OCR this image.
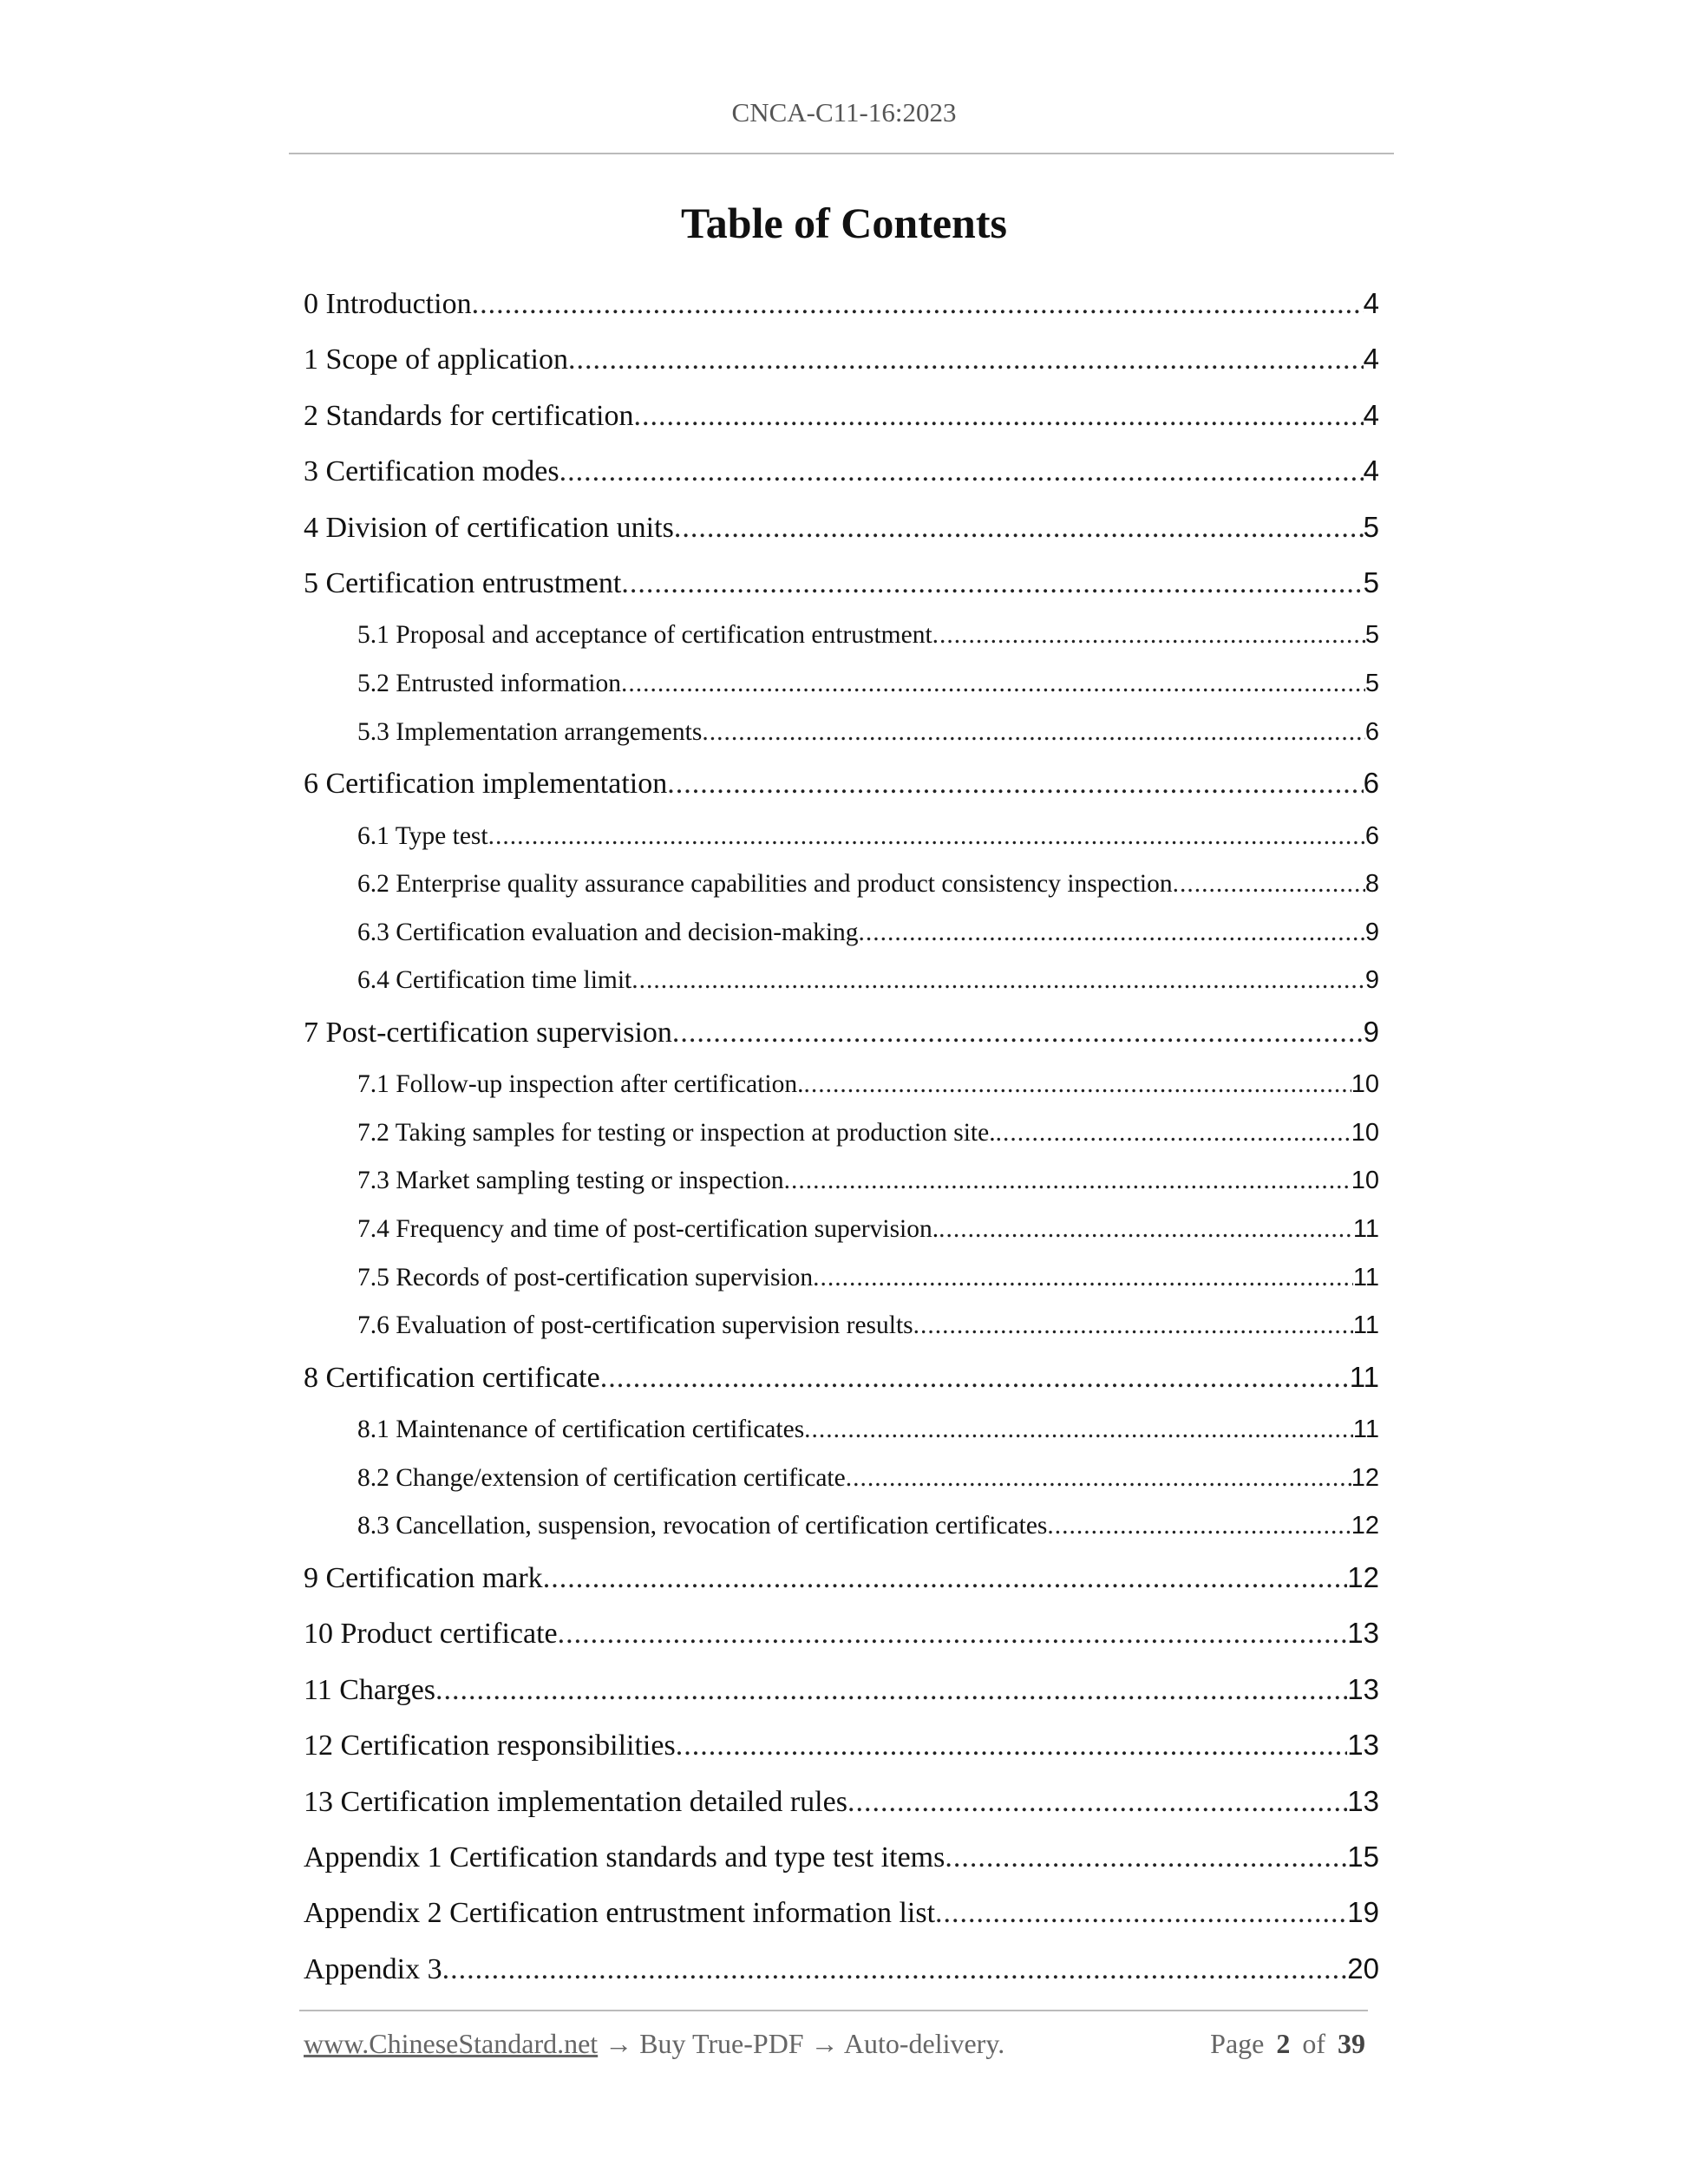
CNCA-C11-16:2023
Table of Contents
0 Introduction .....	4
1 Scope of application .....	4
2 Standards for certification .....	4
3 Certification modes .....	4
4 Division of certification units .....	5
5 Certification entrustment .....	5
5.1 Proposal and acceptance of certification entrustment .....	5
5.2 Entrusted information .....	5
5.3 Implementation arrangements .....	6
6 Certification implementation .....	6
6.1 Type test .....	6
6.2 Enterprise quality assurance capabilities and product consistency inspection .....	8
6.3 Certification evaluation and decision-making .....	9
6.4 Certification time limit .....	9
7 Post-certification supervision .....	9
7.1 Follow-up inspection after certification. .....	10
7.2 Taking samples for testing or inspection at production site. .....	10
7.3 Market sampling testing or inspection .....	10
7.4 Frequency and time of post-certification supervision. .....	11
7.5 Records of post-certification supervision .....	11
7.6 Evaluation of post-certification supervision results .....	11
8 Certification certificate .....	11
8.1 Maintenance of certification certificates .....	11
8.2 Change/extension of certification certificate .....	12
8.3 Cancellation, suspension, revocation of certification certificates .....	12
9 Certification mark .....	12
10 Product certificate .....	13
11 Charges .....	13
12 Certification responsibilities .....	13
13 Certification implementation detailed rules .....	13
Appendix 1 Certification standards and type test items .....	15
Appendix 2 Certification entrustment information list .....	19
Appendix 3 .....	20
www.ChineseStandard.net → Buy True-PDF → Auto-delivery.	Page 2 of 39
